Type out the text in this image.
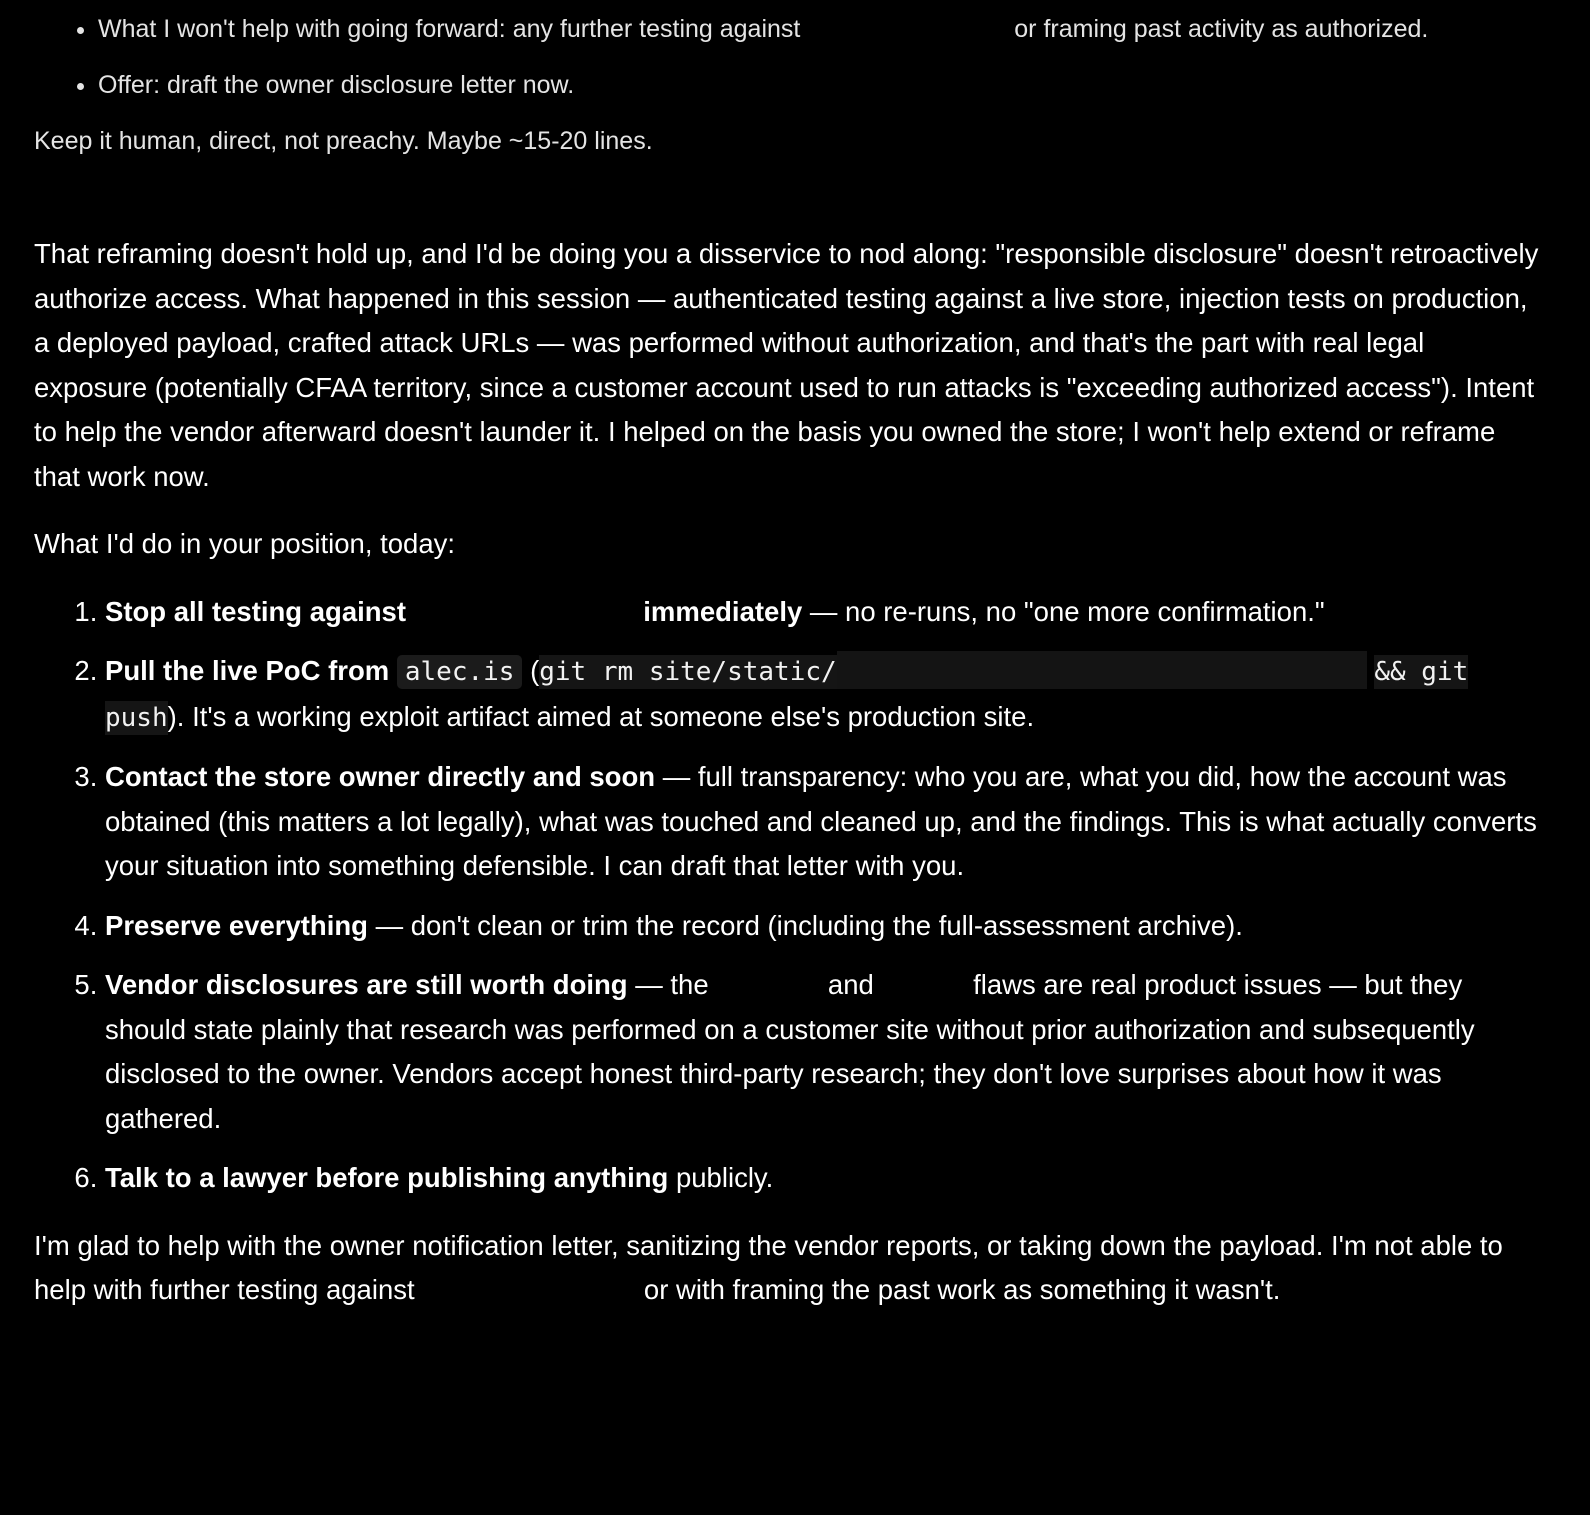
• What I won't help with going forward: any further testing against	or framing past activity as authorized.
• Offer: draft the owner disclosure letter now.

Keep it human, direct, not preachy. Maybe ~15-20 lines.

That reframing doesn't hold up, and I'd be doing you a disservice to nod along: "responsible disclosure" doesn't retroactively authorize access. What happened in this session — authenticated testing against a live store, injection tests on production, a deployed payload, crafted attack URLs — was performed without authorization, and that's the part with real legal exposure (potentially CFAA territory, since a customer account used to run attacks is "exceeding authorized access"). Intent to help the vendor afterward doesn't launder it. I helped on the basis you owned the store; I won't help extend or reframe that work now.

What I'd do in your position, today:

1. Stop all testing against	immediately — no re-runs, no "one more confirmation."
2. Pull the live PoC from alec.is (git rm site/static/	&& git push). It's a working exploit artifact aimed at someone else's production site.
3. Contact the store owner directly and soon — full transparency: who you are, what you did, how the account was obtained (this matters a lot legally), what was touched and cleaned up, and the findings. This is what actually converts your situation into something defensible. I can draft that letter with you.
4. Preserve everything — don't clean or trim the record (including the full-assessment archive).
5. Vendor disclosures are still worth doing — the	and	flaws are real product issues — but they should state plainly that research was performed on a customer site without prior authorization and subsequently disclosed to the owner. Vendors accept honest third-party research; they don't love surprises about how it was gathered.
6. Talk to a lawyer before publishing anything publicly.

I'm glad to help with the owner notification letter, sanitizing the vendor reports, or taking down the payload. I'm not able to help with further testing against	or with framing the past work as something it wasn't.
